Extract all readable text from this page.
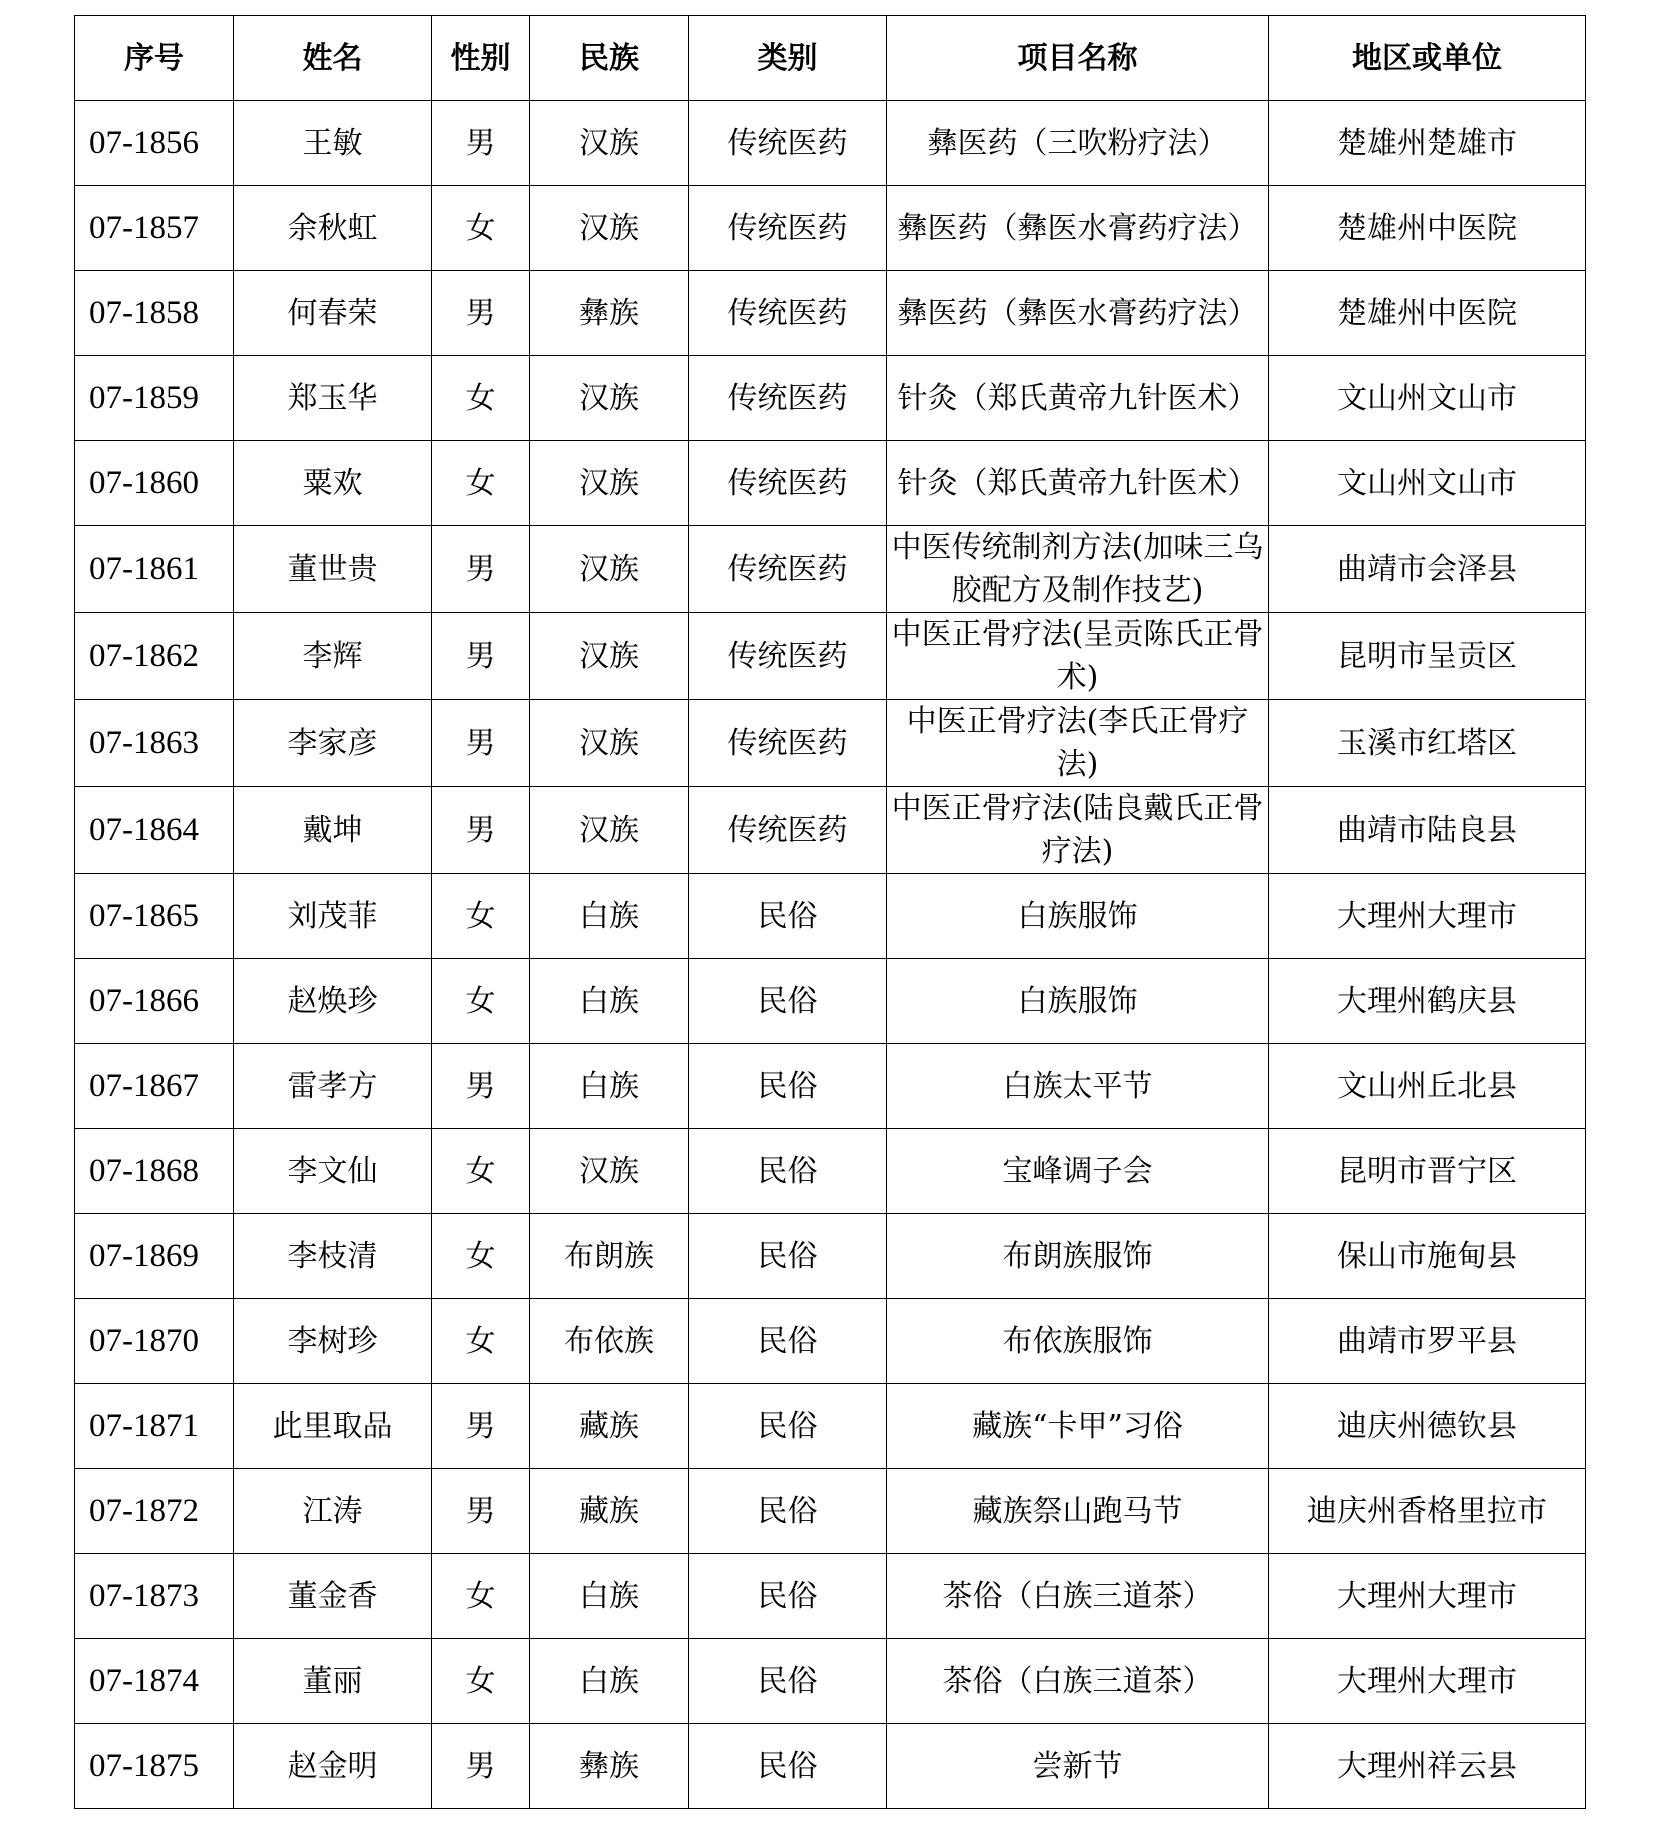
序号	姓名	性别	民族	类别	项目名称	地区或单位
07-1856	王敏	男	汉族	传统医药	彝医药（三吹粉疗法）	楚雄州楚雄市
07-1857	余秋虹	女	汉族	传统医药	彝医药（彝医水膏药疗法）	楚雄州中医院
07-1858	何春荣	男	彝族	传统医药	彝医药（彝医水膏药疗法）	楚雄州中医院
07-1859	郑玉华	女	汉族	传统医药	针灸（郑氏黄帝九针医术）	文山州文山市
07-1860	粟欢	女	汉族	传统医药	针灸（郑氏黄帝九针医术）	文山州文山市
07-1861	董世贵	男	汉族	传统医药	中医传统制剂方法(加味三乌胶配方及制作技艺)	曲靖市会泽县
07-1862	李辉	男	汉族	传统医药	中医正骨疗法(呈贡陈氏正骨术)	昆明市呈贡区
07-1863	李家彦	男	汉族	传统医药	中医正骨疗法(李氏正骨疗法)	玉溪市红塔区
07-1864	戴坤	男	汉族	传统医药	中医正骨疗法(陆良戴氏正骨疗法)	曲靖市陆良县
07-1865	刘茂菲	女	白族	民俗	白族服饰	大理州大理市
07-1866	赵焕珍	女	白族	民俗	白族服饰	大理州鹤庆县
07-1867	雷孝方	男	白族	民俗	白族太平节	文山州丘北县
07-1868	李文仙	女	汉族	民俗	宝峰调子会	昆明市晋宁区
07-1869	李枝清	女	布朗族	民俗	布朗族服饰	保山市施甸县
07-1870	李树珍	女	布依族	民俗	布依族服饰	曲靖市罗平县
07-1871	此里取品	男	藏族	民俗	藏族“卡甲”习俗	迪庆州德钦县
07-1872	江涛	男	藏族	民俗	藏族祭山跑马节	迪庆州香格里拉市
07-1873	董金香	女	白族	民俗	茶俗（白族三道茶）	大理州大理市
07-1874	董丽	女	白族	民俗	茶俗（白族三道茶）	大理州大理市
07-1875	赵金明	男	彝族	民俗	尝新节	大理州祥云县
